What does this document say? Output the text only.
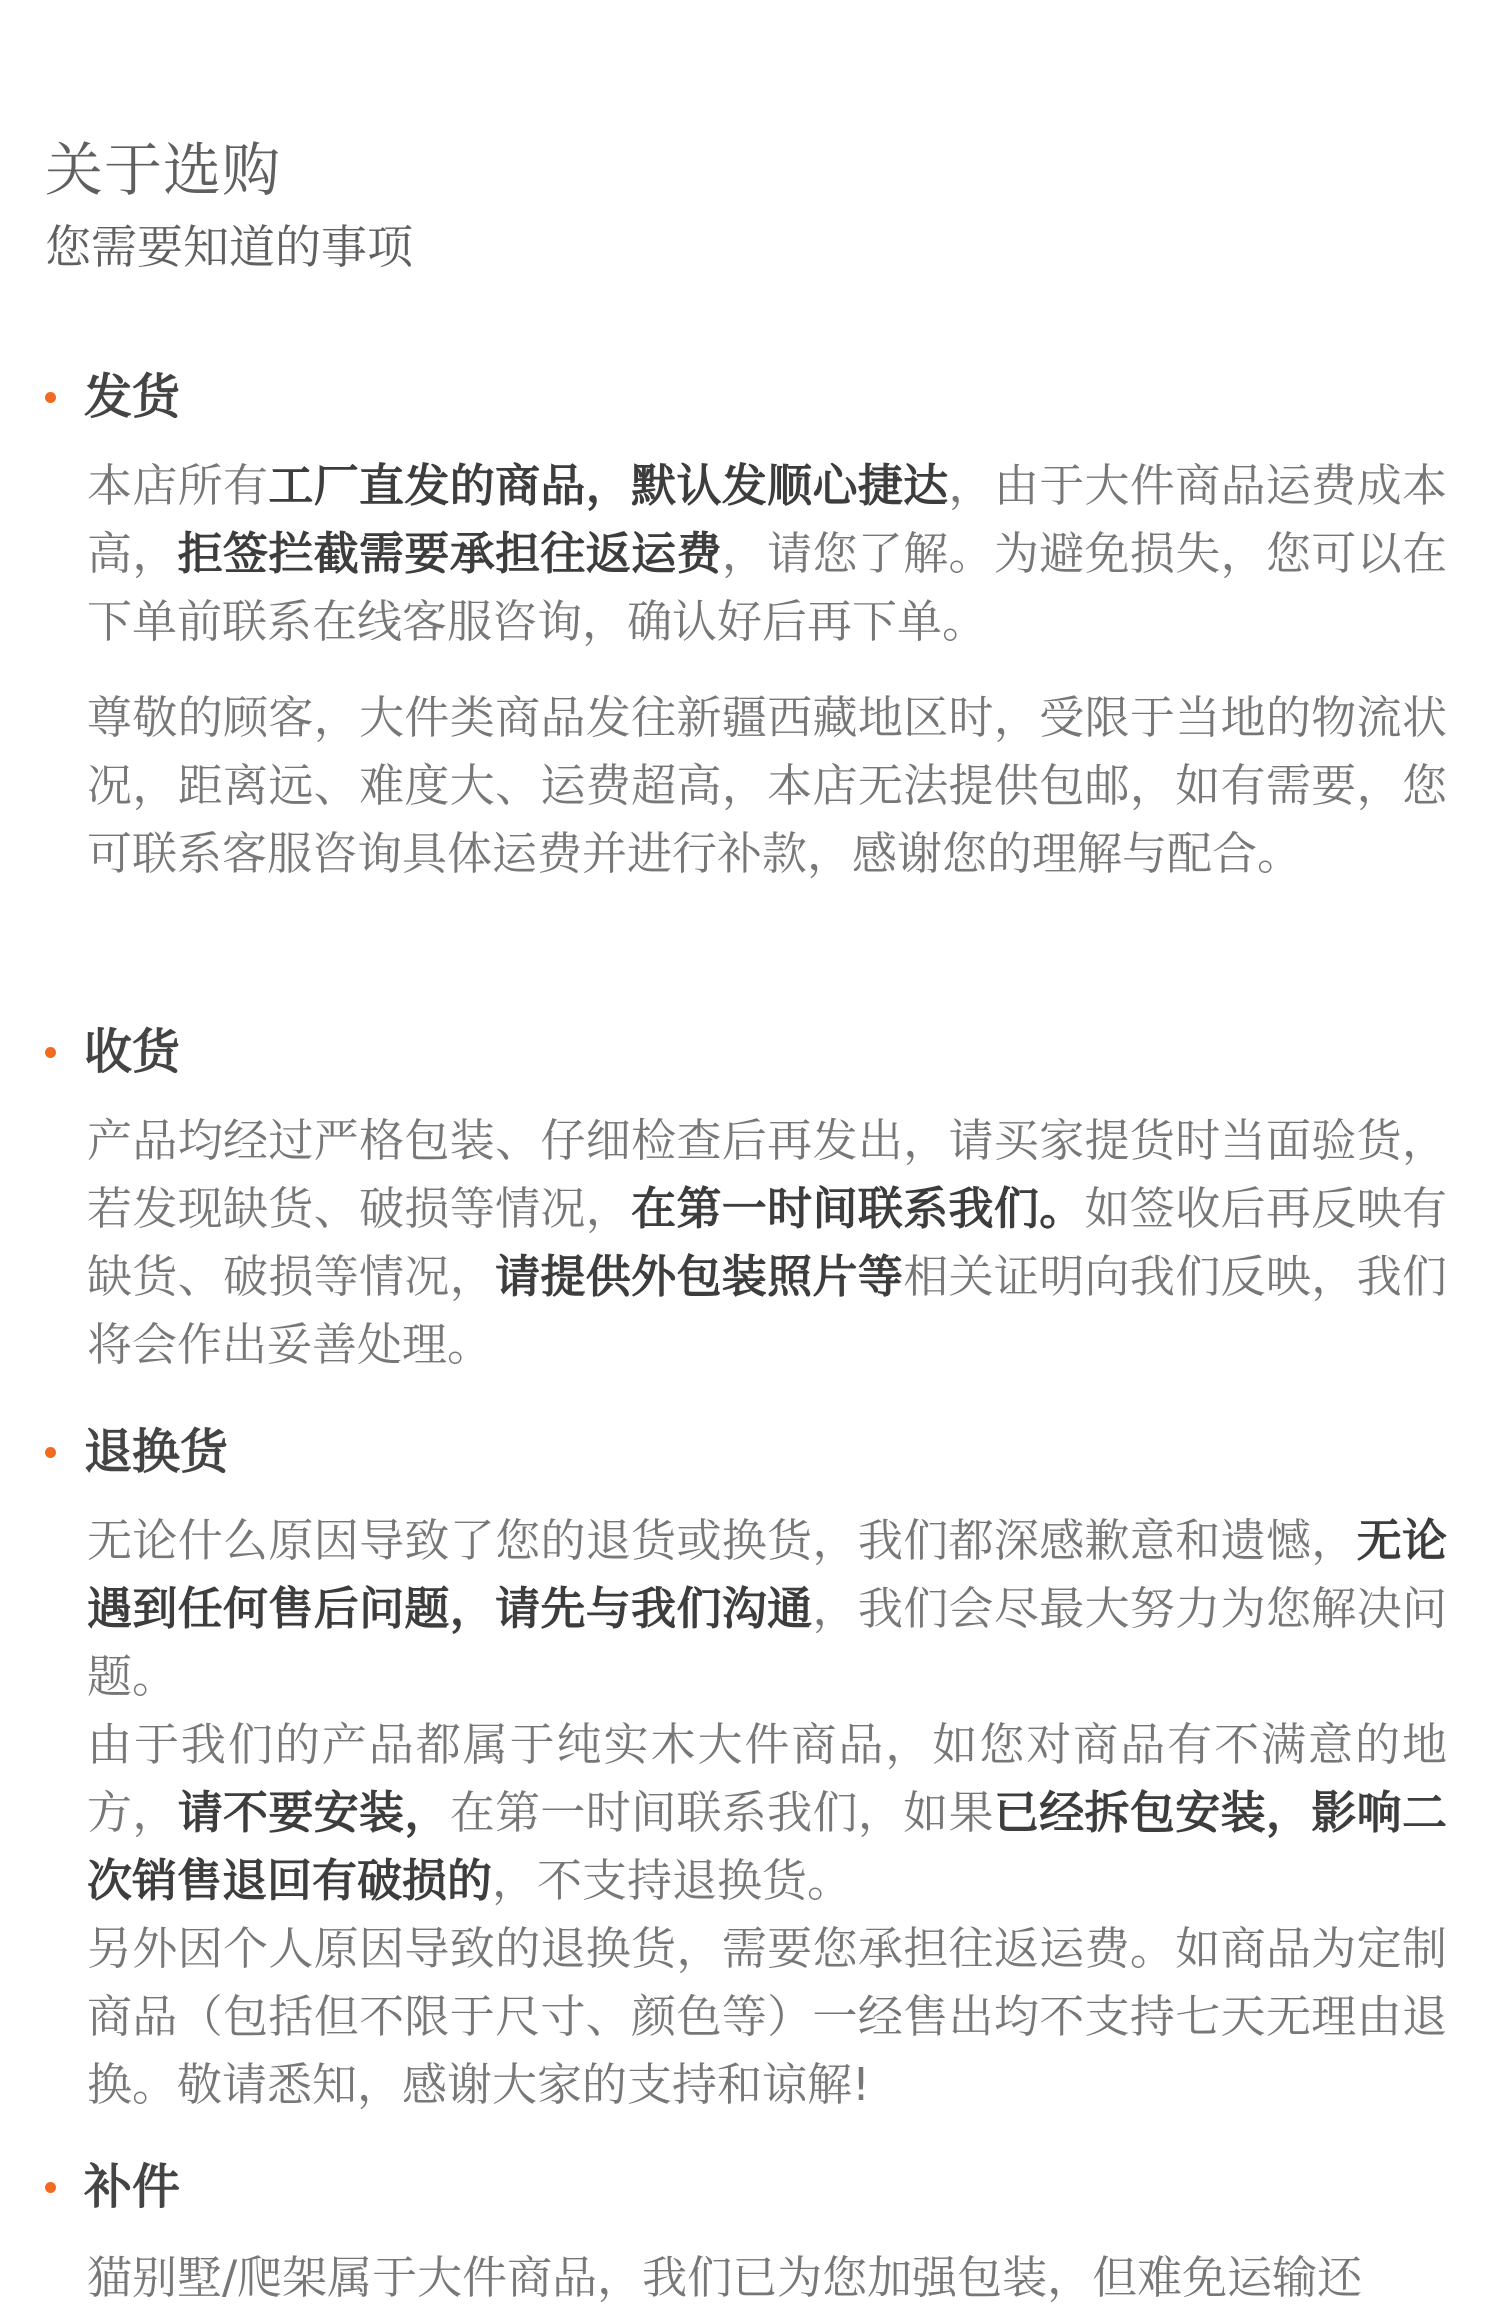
关于选购
您需要知道的事项
发货

本店所有工厂直发的商品，默认发顺心捷达，由于大件商品运费成本高，拒签拦截需要承担往返运费，请您了解。为避免损失，您可以在下单前联系在线客服咨询，确认好后再下单。

尊敬的顾客，大件类商品发往新疆西藏地区时，受限于当地的物流状况，距离远、难度大、运费超高，本店无法提供包邮，如有需要，您可联系客服咨询具体运费并进行补款，感谢您的理解与配合。

收货

产品均经过严格包装、仔细检查后再发出，请买家提货时当面验货，若发现缺货、破损等情况，在第一时间联系我们。如签收后再反映有缺货、破损等情况，请提供外包装照片等相关证明向我们反映，我们将会作出妥善处理。

退换货

无论什么原因导致了您的退货或换货，我们都深感歉意和遗憾，无论遇到任何售后问题，请先与我们沟通，我们会尽最大努力为您解决问题。

由于我们的产品都属于纯实木大件商品，如您对商品有不满意的地方，请不要安装，在第一时间联系我们，如果已经拆包安装，影响二次销售退回有破损的，不支持退换货。

另外因个人原因导致的退换货，需要您承担往返运费。如商品为定制商品（包括但不限于尺寸、颜色等）一经售出均不支持七天无理由退换。敬请悉知，感谢大家的支持和谅解!

补件

猫别墅/爬架属于大件商品，我们已为您加强包装，但难免运输还
